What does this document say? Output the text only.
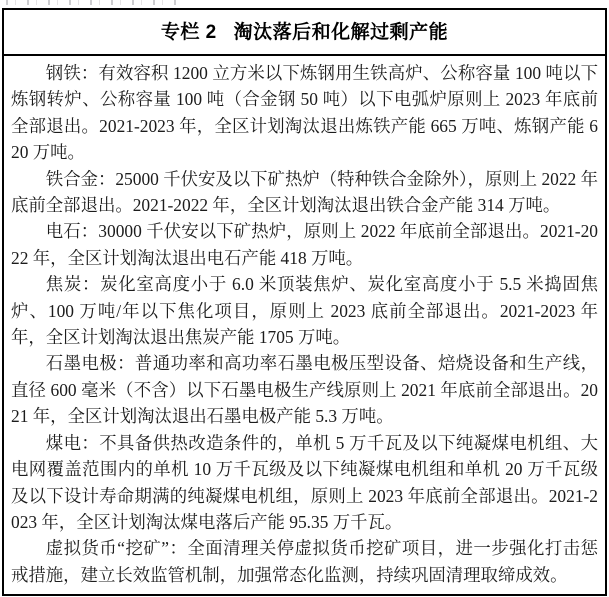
专栏 2 淘汰落后和化解过剩产能

钢铁：有效容积 1200 立方米以下炼钢用生铁高炉、公称容量 100 吨以下炼钢转炉、公称容量 100 吨（合金钢 50 吨）以下电弧炉原则上 2023 年底前全部退出。2021-2023 年，全区计划淘汰退出炼铁产能 665 万吨、炼钢产能 620 万吨。

铁合金：25000 千伏安及以下矿热炉（特种铁合金除外），原则上 2022 年底前全部退出。2021-2022 年，全区计划淘汰退出铁合金产能 314 万吨。

电石：30000 千伏安以下矿热炉，原则上 2022 年底前全部退出。2021-2022 年，全区计划淘汰退出电石产能 418 万吨。

焦炭：炭化室高度小于 6.0 米顶装焦炉、炭化室高度小于 5.5 米捣固焦炉、100 万吨/年以下焦化项目，原则上 2023 底前全部退出。2021-2023 年年，全区计划淘汰退出焦炭产能 1705 万吨。

石墨电极：普通功率和高功率石墨电极压型设备、焙烧设备和生产线，直径 600 毫米（不含）以下石墨电极生产线原则上 2021 年底前全部退出。2021 年，全区计划淘汰退出石墨电极产能 5.3 万吨。

煤电：不具备供热改造条件的，单机 5 万千瓦及以下纯凝煤电机组、大电网覆盖范围内的单机 10 万千瓦级及以下纯凝煤电机组和单机 20 万千瓦级及以下设计寿命期满的纯凝煤电机组，原则上 2023 年底前全部退出。2021-2023 年，全区计划淘汰煤电落后产能 95.35 万千瓦。

虚拟货币“挖矿”：全面清理关停虚拟货币挖矿项目，进一步强化打击惩戒措施，建立长效监管机制，加强常态化监测，持续巩固清理取缔成效。
